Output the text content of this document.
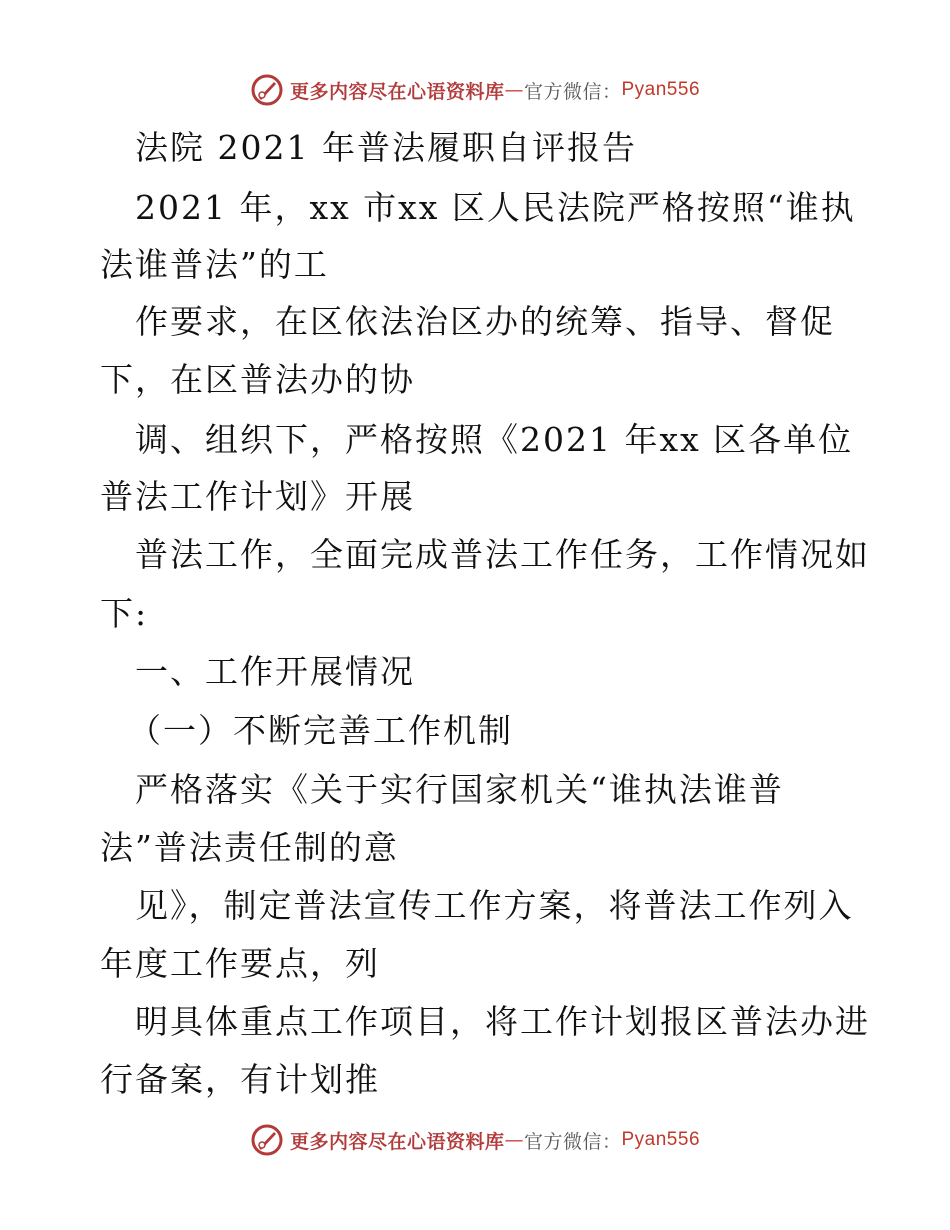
更多内容尽在心语资料库 — 官方微信： Pyan556
法院 2021 年普法履职自评报告
2021 年，xx 市xx 区人民法院严格按照“谁执
法谁普法”的工
作要求，在区依法治区办的统筹、指导、督促
下，在区普法办的协
调、组织下，严格按照《2021 年xx 区各单位
普法工作计划》开展
普法工作，全面完成普法工作任务，工作情况如
下:
一、工作开展情况
（一）不断完善工作机制
严格落实《关于实行国家机关“谁执法谁普
法”普法责任制的意
见》，制定普法宣传工作方案，将普法工作列入
年度工作要点，列
明具体重点工作项目，将工作计划报区普法办进
行备案，有计划推
更多内容尽在心语资料库 — 官方微信： Pyan556
